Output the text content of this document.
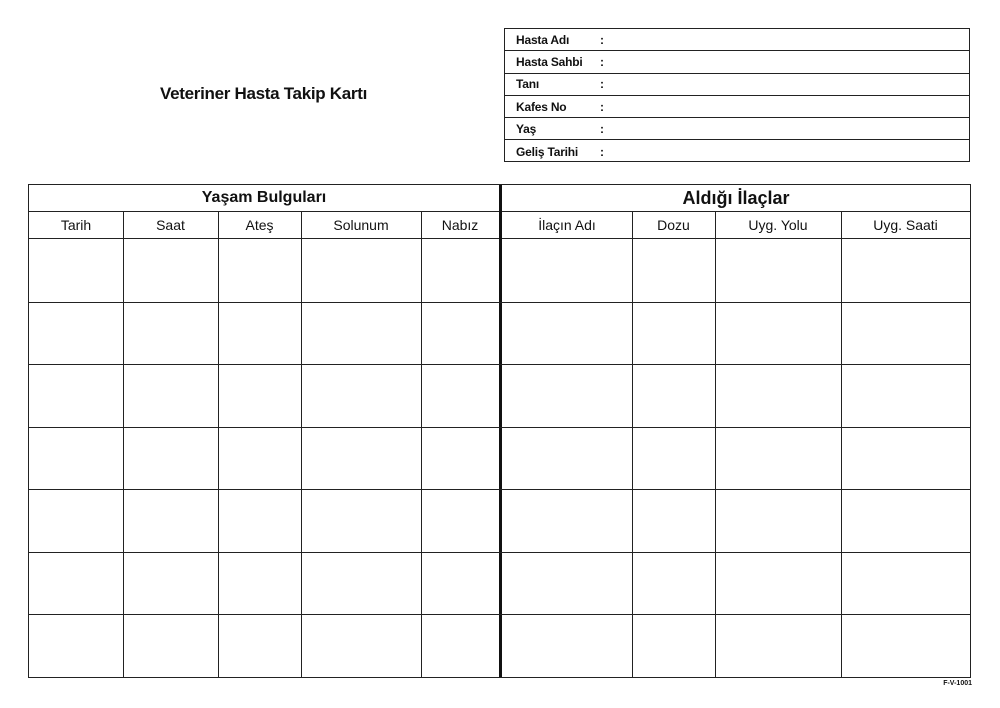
Veteriner Hasta Takip Kartı
Hasta Adı	:
Hasta Sahbi	:
Tanı	:
Kafes No	:
Yaş	:
Geliş Tarihi	:
Yaşam Bulguları	Aldığı İlaçlar
Tarih	Saat	Ateş	Solunum	Nabız	İlaçın Adı	Dozu	Uyg. Yolu	Uyg. Saati
F-V-1001
